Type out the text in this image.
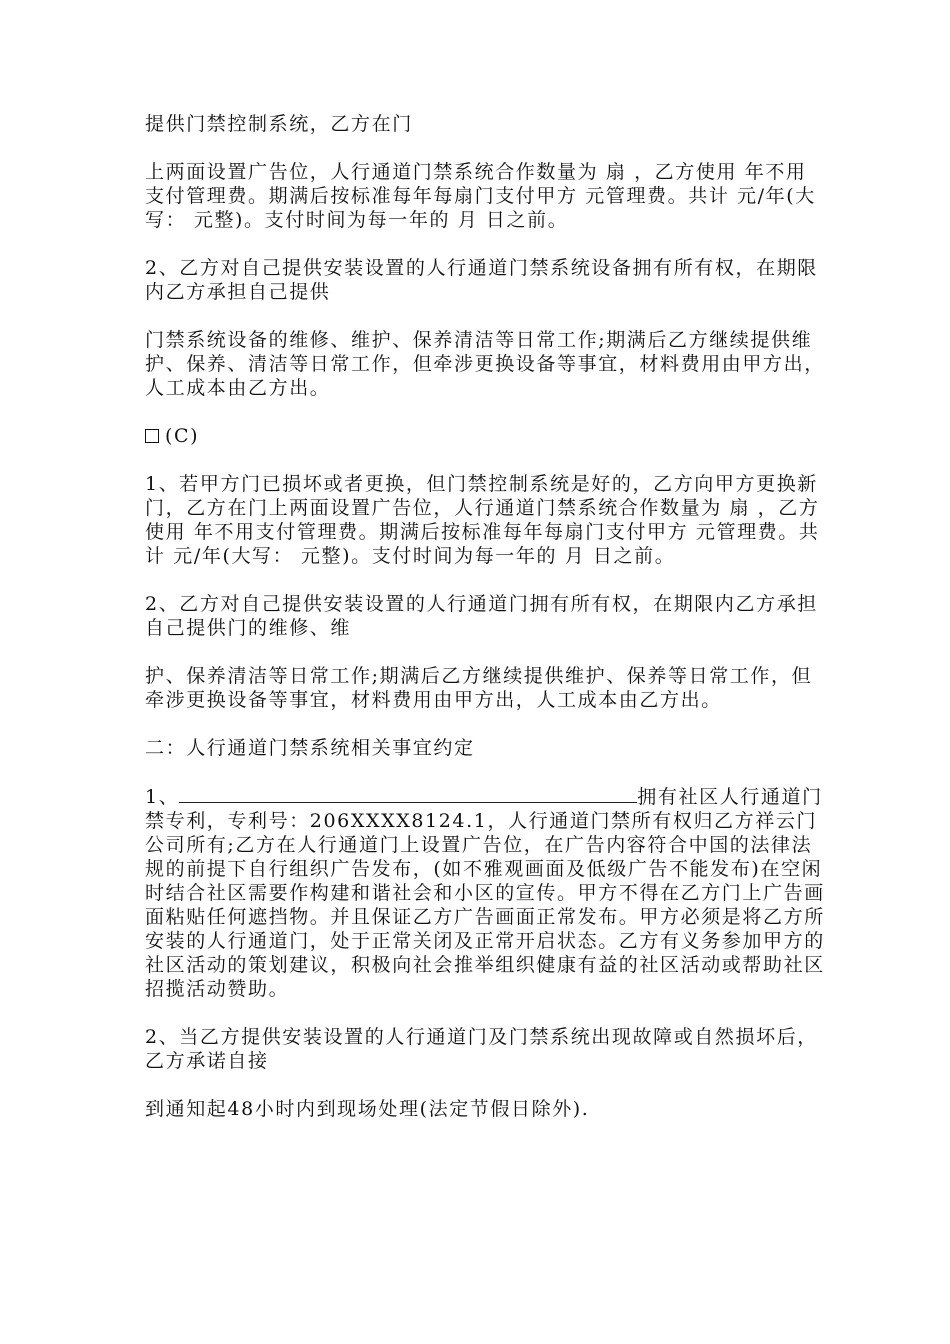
提供门禁控制系统，乙方在门

上两面设置广告位，人行通道门禁系统合作数量为 扇 ，乙方使用 年不用支付管理费。期满后按标准每年每扇门支付甲方 元管理费。共计 元/年(大写： 元整)。支付时间为每一年的 月 日之前。

2、乙方对自己提供安装设置的人行通道门禁系统设备拥有所有权，在期限内乙方承担自己提供

门禁系统设备的维修、维护、保养清洁等日常工作;期满后乙方继续提供维护、保养、清洁等日常工作，但牵涉更换设备等事宜，材料费用由甲方出，人工成本由乙方出。

(C)

1、若甲方门已损坏或者更换，但门禁控制系统是好的，乙方向甲方更换新门，乙方在门上两面设置广告位，人行通道门禁系统合作数量为 扇 ，乙方使用 年不用支付管理费。期满后按标准每年每扇门支付甲方 元管理费。共计 元/年(大写： 元整)。支付时间为每一年的 月 日之前。

2、乙方对自己提供安装设置的人行通道门拥有所有权，在期限内乙方承担自己提供门的维修、维

护、保养清洁等日常工作;期满后乙方继续提供维护、保养等日常工作，但牵涉更换设备等事宜，材料费用由甲方出，人工成本由乙方出。

二：人行通道门禁系统相关事宜约定

1、	拥有社区人行通道门禁专利，专利号：206XXXX8124.1，人行通道门禁所有权归乙方祥云门公司所有;乙方在人行通道门上设置广告位，在广告内容符合中国的法律法规的前提下自行组织广告发布，(如不雅观画面及低级广告不能发布)在空闲时结合社区需要作构建和谐社会和小区的宣传。甲方不得在乙方门上广告画面粘贴任何遮挡物。并且保证乙方广告画面正常发布。甲方必须是将乙方所安装的人行通道门，处于正常关闭及正常开启状态。乙方有义务参加甲方的社区活动的策划建议，积极向社会推举组织健康有益的社区活动或帮助社区招揽活动赞助。

2、当乙方提供安装设置的人行通道门及门禁系统出现故障或自然损坏后，乙方承诺自接

到通知起48小时内到现场处理(法定节假日除外).
